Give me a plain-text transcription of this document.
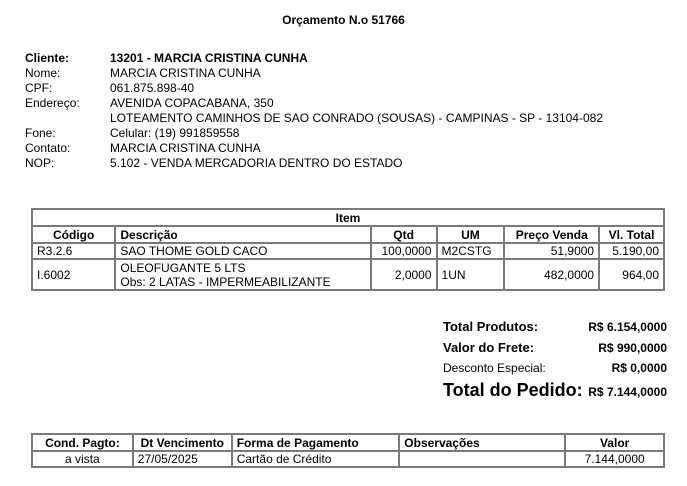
Orçamento N.o 51766
Cliente:	13201 - MARCIA CRISTINA CUNHA
Nome:	MARCIA CRISTINA CUNHA
CPF:	061.875.898-40
Endereço:	AVENIDA COPACABANA, 350
LOTEAMENTO CAMINHOS DE SAO CONRADO (SOUSAS) - CAMPINAS - SP - 13104-082
Fone:	Celular: (19) 991859558
Contato:	MARCIA CRISTINA CUNHA
NOP:	5.102 - VENDA MERCADORIA DENTRO DO ESTADO
Item					
Código	Descrição	Qtd	UM	Preço Venda	Vl. Total
R3.2.6	SAO THOME GOLD CACO	100,0000	M2CSTG	51,9000	5.190,00
I.6002	OLEOFUGANTE 5 LTS
Obs: 2 LATAS - IMPERMEABILIZANTE	2,0000	1UN	482,0000	964,00
Total Produtos:	R$ 6.154,0000
Valor do Frete:	R$ 990,0000
Desconto Especial:	R$ 0,0000
Total do Pedido: R$ 7.144,0000
Cond. Pagto:	Dt Vencimento	Forma de Pagamento	Observações	Valor
a vista	27/05/2025	Cartão de Crédito		7.144,0000
